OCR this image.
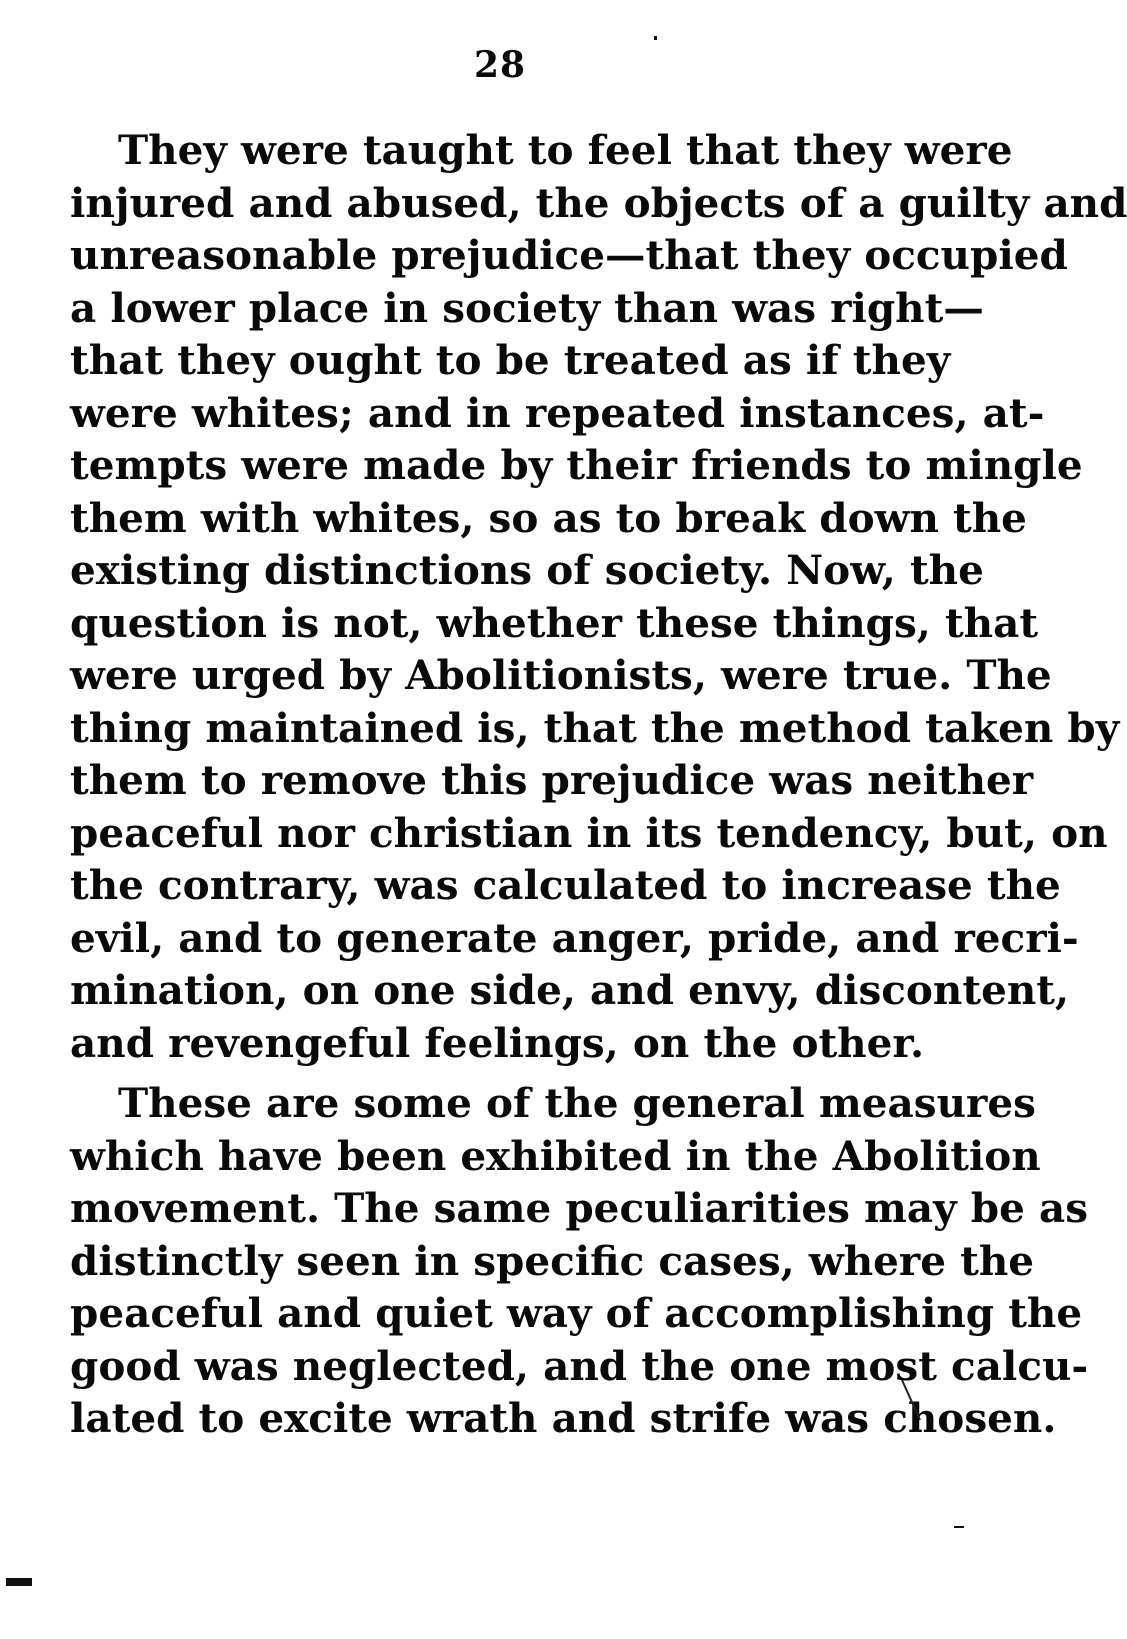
28
They were taught to feel that they were
injured and abused, the objects of a guilty and
unreasonable prejudice—that they occupied
a lower place in society than was right—
that they ought to be treated as if they
were whites; and in repeated instances, at-
tempts were made by their friends to mingle
them with whites, so as to break down the
existing distinctions of society. Now, the
question is not, whether these things, that
were urged by Abolitionists, were true. The
thing maintained is, that the method taken by
them to remove this prejudice was neither
peaceful nor christian in its tendency, but, on
the contrary, was calculated to increase the
evil, and to generate anger, pride, and recri-
mination, on one side, and envy, discontent,
and revengeful feelings, on the other.
These are some of the general measures
which have been exhibited in the Abolition
movement. The same peculiarities may be as
distinctly seen in specific cases, where the
peaceful and quiet way of accomplishing the
good was neglected, and the one most calcu-
lated to excite wrath and strife was chosen.
